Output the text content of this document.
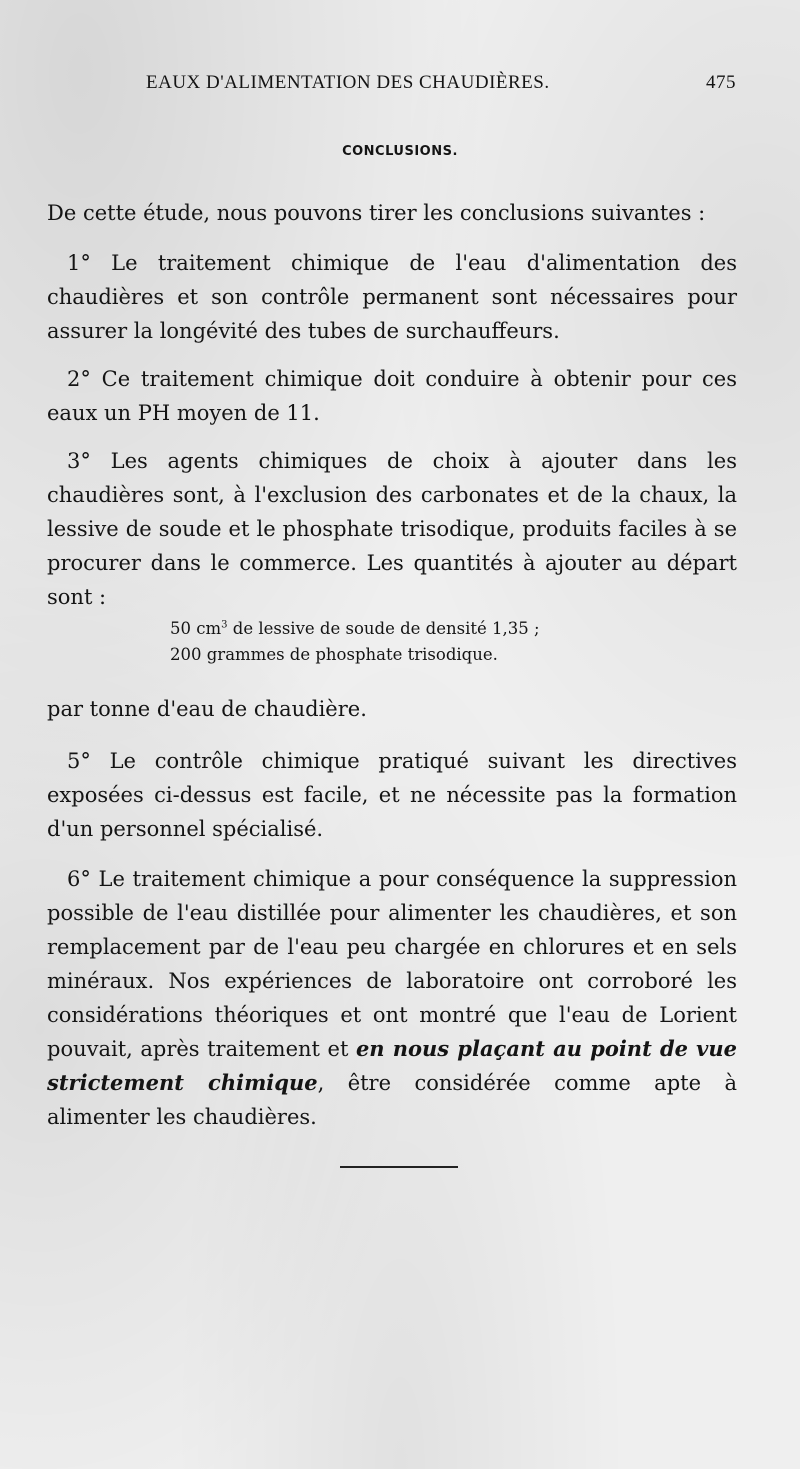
EAUX D'ALIMENTATION DES CHAUDIÈRES.	475
CONCLUSIONS.
De cette étude, nous pouvons tirer les conclusions suivantes :
1° Le traitement chimique de l'eau d'alimentation des chaudières et son contrôle permanent sont nécessaires pour assurer la longévité des tubes de surchauffeurs.
2° Ce traitement chimique doit conduire à obtenir pour ces eaux un PH moyen de 11.
3° Les agents chimiques de choix à ajouter dans les chaudières sont, à l'exclusion des carbonates et de la chaux, la lessive de soude et le phosphate trisodique, produits faciles à se procurer dans le commerce. Les quantités à ajouter au départ sont :
50 $cm^3$ de lessive de soude de densité 1,35 ;
200 grammes de phosphate trisodique.
par tonne d'eau de chaudière.
5° Le contrôle chimique pratiqué suivant les directives exposées ci-dessus est facile, et ne nécessite pas la formation d'un personnel spécialisé.
6° Le traitement chimique a pour conséquence la suppression possible de l'eau distillée pour alimenter les chaudières, et son remplacement par de l'eau peu chargée en chlorures et en sels minéraux. Nos expériences de laboratoire ont corroboré les considérations théoriques et ont montré que l'eau de Lorient pouvait, après traitement et en nous plaçant au point de vue strictement chimique, être considérée comme apte à alimenter les chaudières.
